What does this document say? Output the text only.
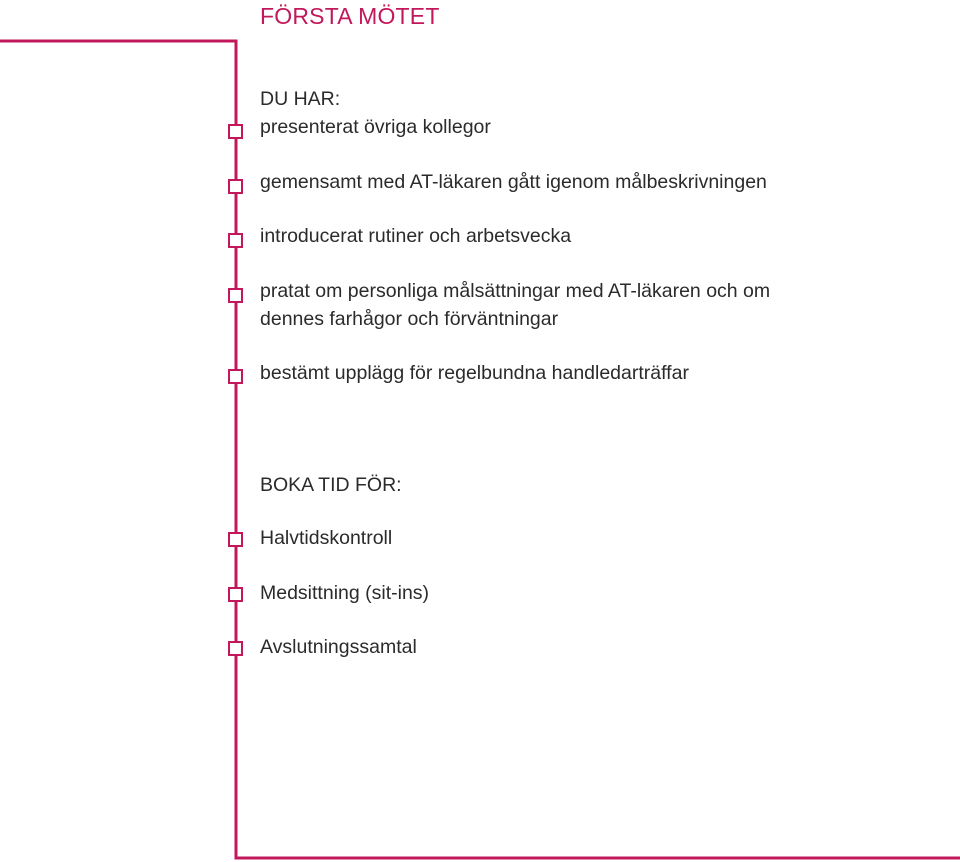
FÖRSTA MÖTET
DU HAR:
presenterat övriga kollegor
gemensamt med AT-läkaren gått igenom målbeskrivningen
introducerat rutiner och arbetsvecka
pratat om personliga målsättningar med AT-läkaren och om
dennes farhågor och förväntningar
bestämt upplägg för regelbundna handledarträffar
BOKA TID FÖR:
Halvtidskontroll
Medsittning (sit-ins)
Avslutningssamtal
